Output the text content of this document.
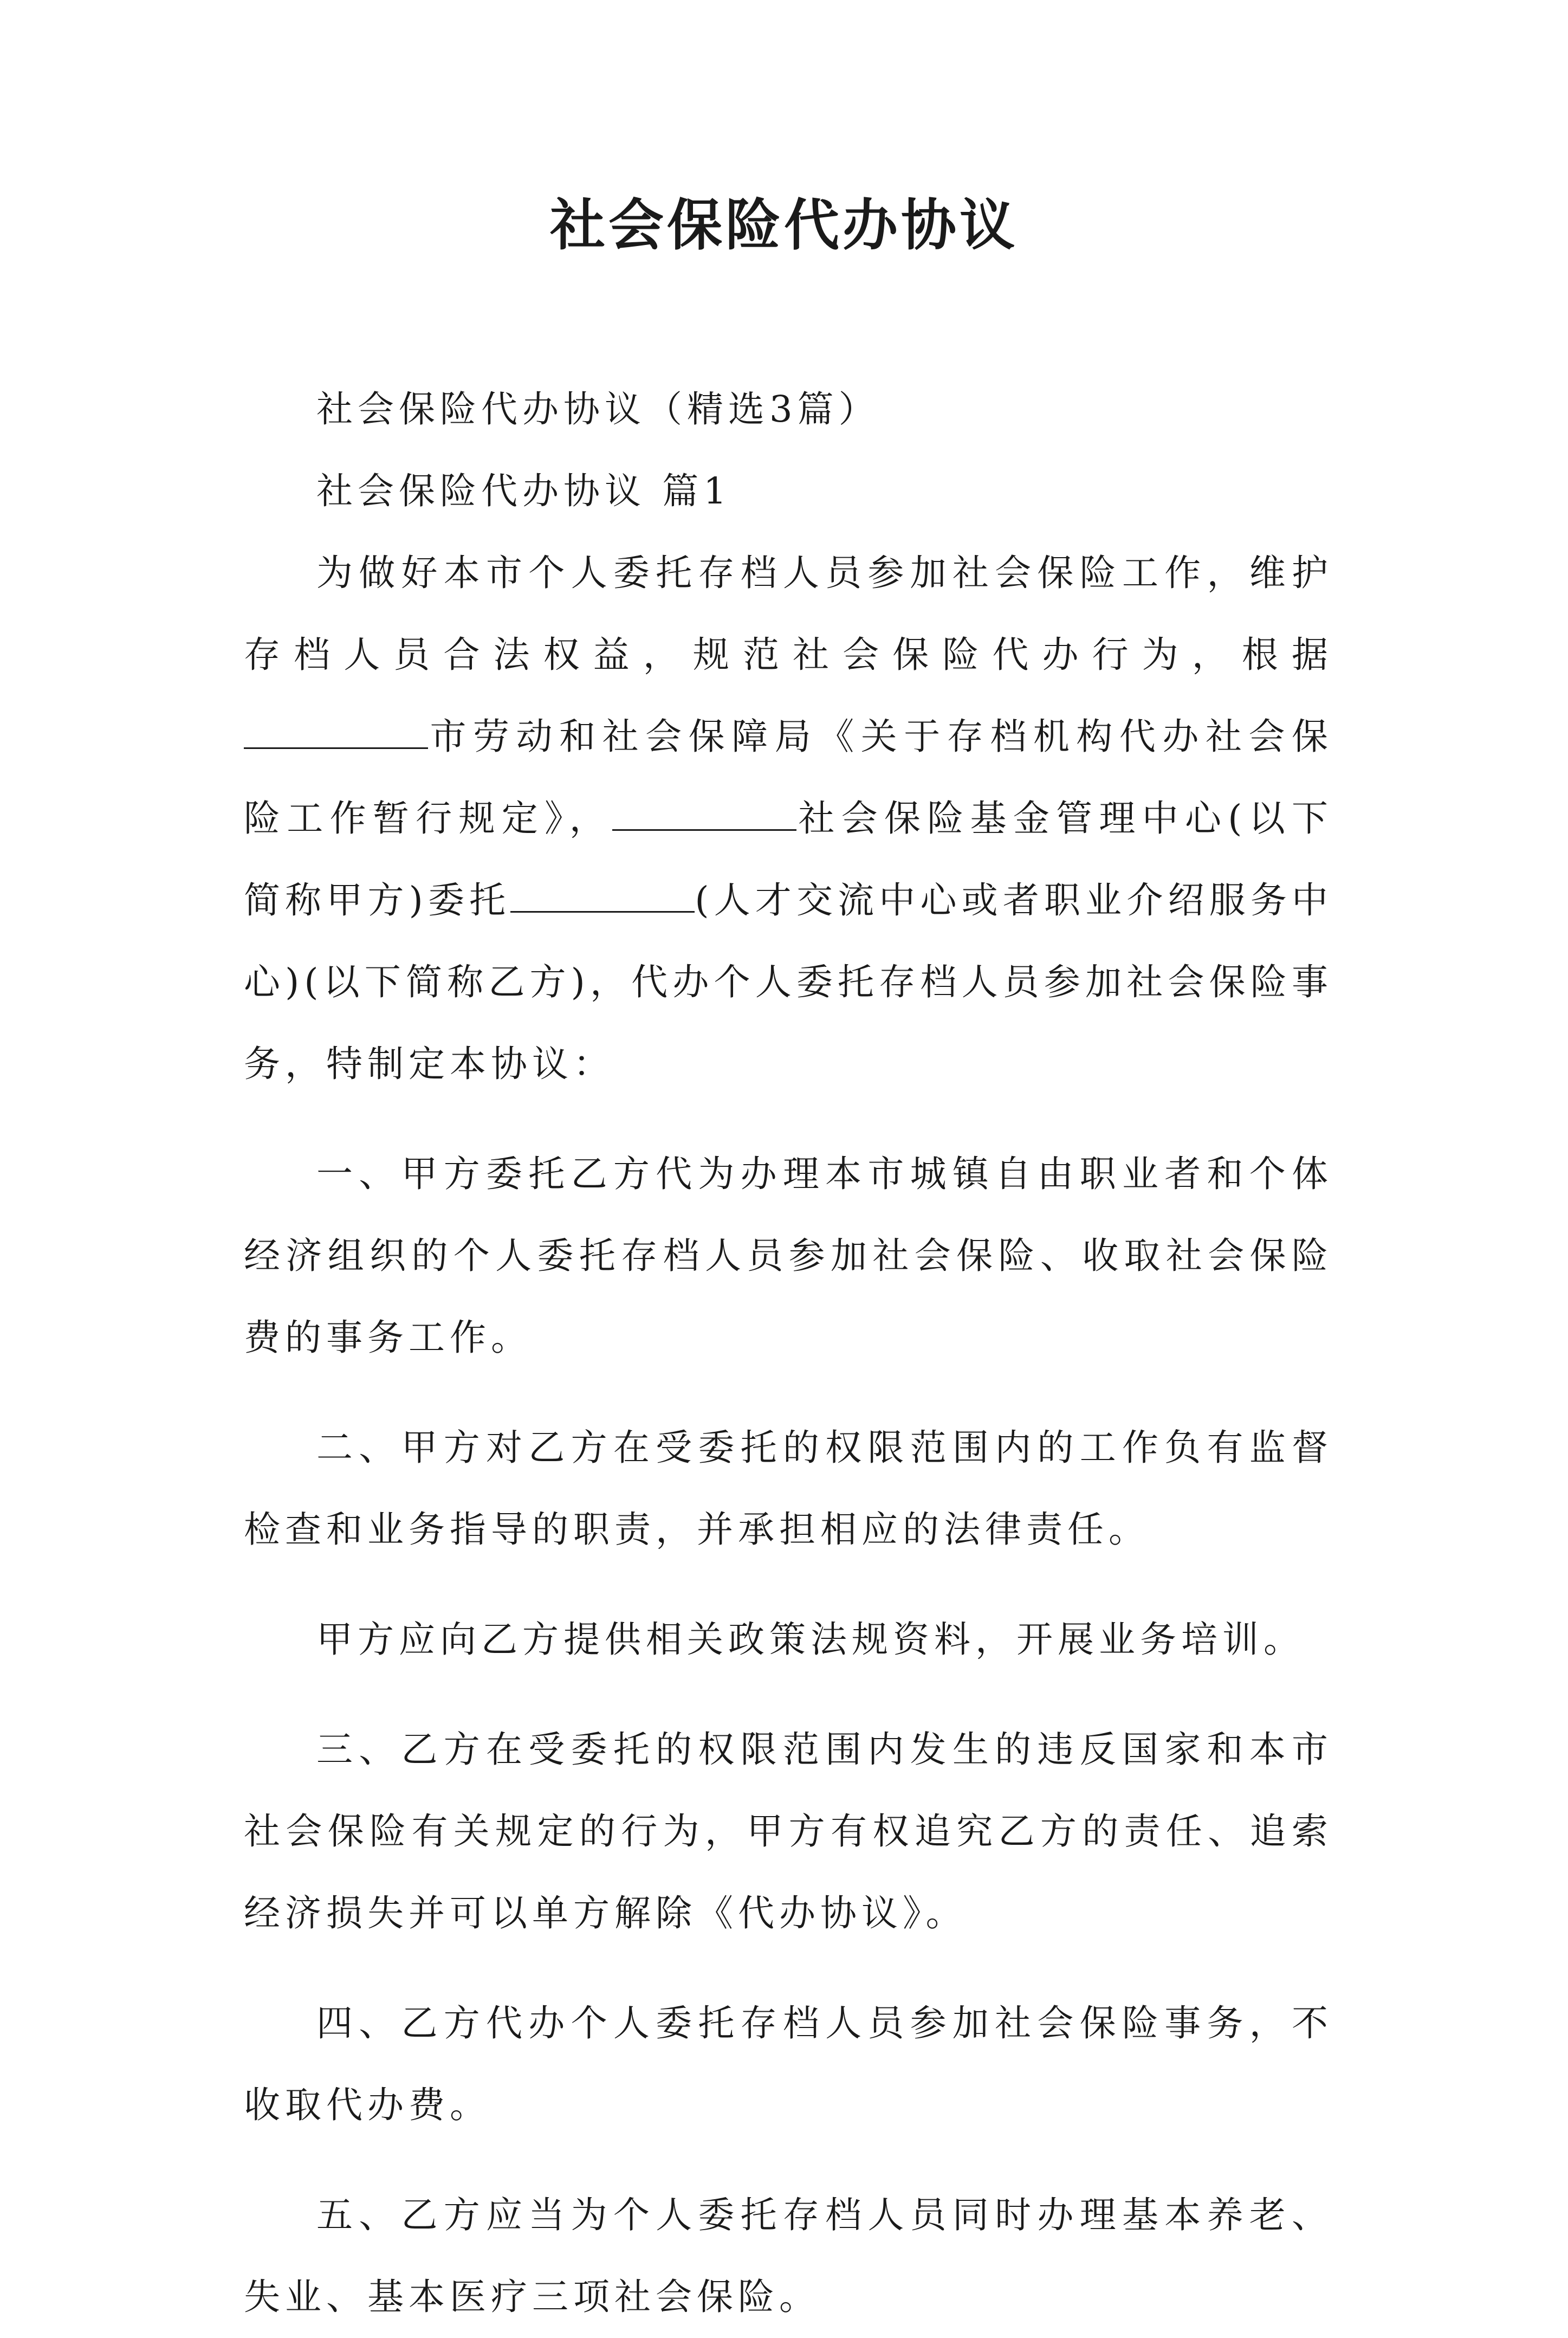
社会保险代办协议

社会保险代办协议（精选3篇）

社会保险代办协议 篇1

为做好本市个人委托存档人员参加社会保险工作，维护存档人员合法权益，规范社会保险代办行为，根据市劳动和社会保障局《关于存档机构代办社会保险工作暂行规定》，	社会保险基金管理中心(以下简称甲方)委托	(人才交流中心或者职业介绍服务中心)(以下简称乙方)，代办个人委托存档人员参加社会保险事务，特制定本协议：

一、甲方委托乙方代为办理本市城镇自由职业者和个体经济组织的个人委托存档人员参加社会保险、收取社会保险费的事务工作。

二、甲方对乙方在受委托的权限范围内的工作负有监督检查和业务指导的职责，并承担相应的法律责任。

甲方应向乙方提供相关政策法规资料，开展业务培训。

三、乙方在受委托的权限范围内发生的违反国家和本市社会保险有关规定的行为，甲方有权追究乙方的责任、追索经济损失并可以单方解除《代办协议》。

四、乙方代办个人委托存档人员参加社会保险事务，不收取代办费。

五、乙方应当为个人委托存档人员同时办理基本养老、失业、基本医疗三项社会保险。
